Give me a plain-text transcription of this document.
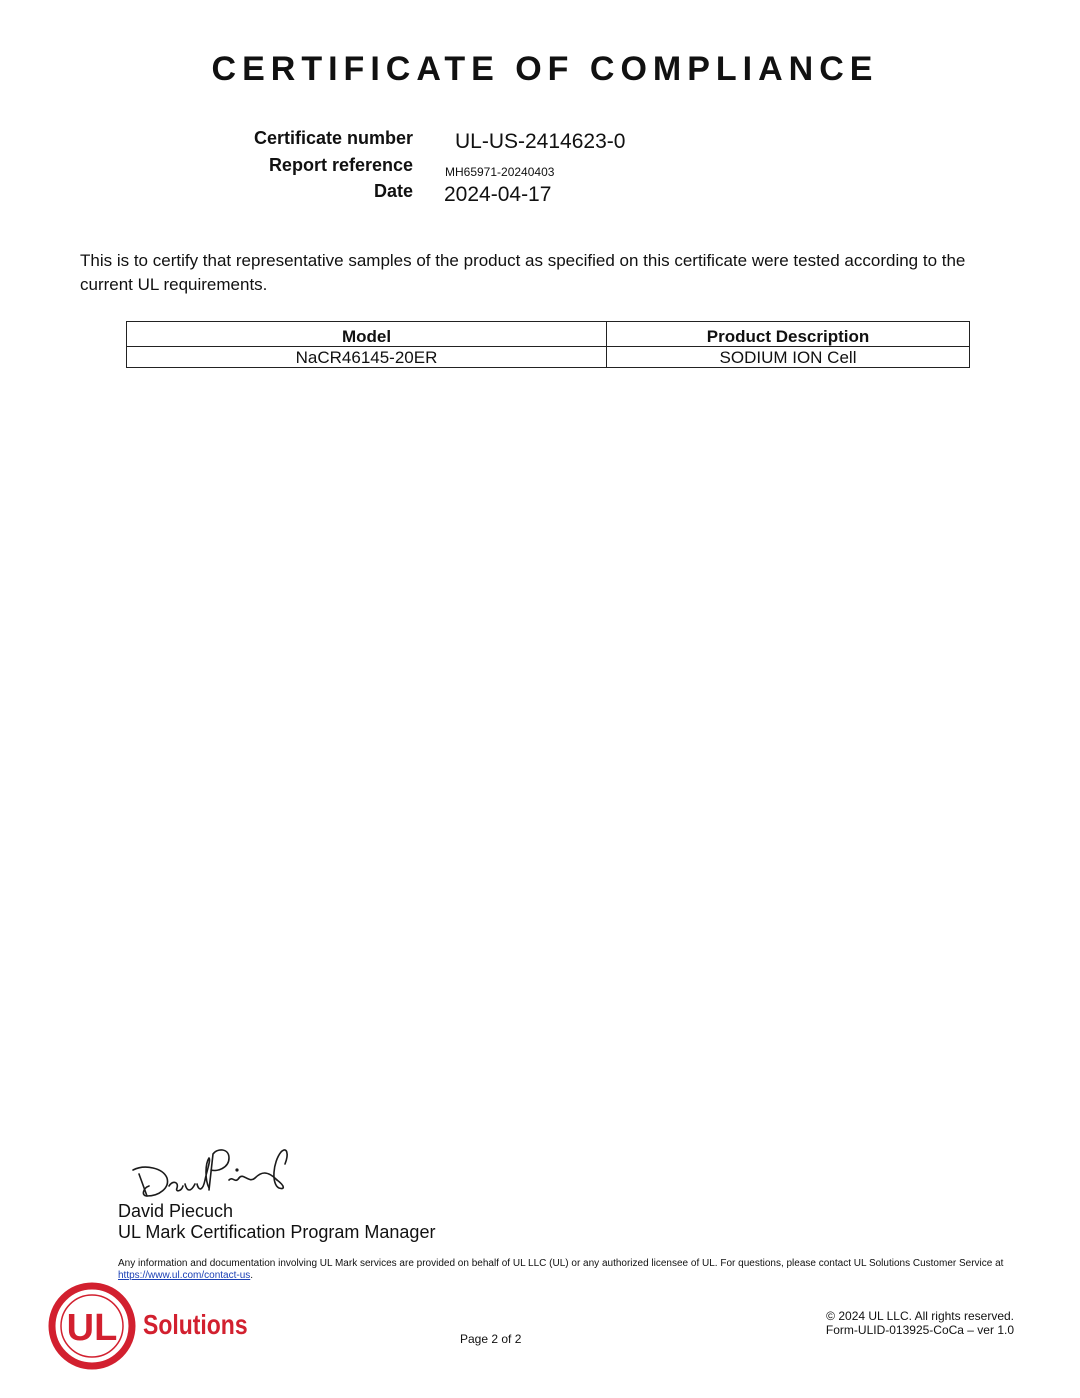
CERTIFICATE OF COMPLIANCE
Certificate number UL-US-2414623-0
Report reference	MH65971-20240403
Date 2024-04-17
This is to certify that representative samples of the product as specified on this certificate were tested according to the current UL requirements.
Model	Product Description
NaCR46145-20ER	SODIUM ION Cell
David Piecuch
UL Mark Certification Program Manager
Any information and documentation involving UL Mark services are provided on behalf of UL LLC (UL) or any authorized licensee of UL. For questions, please contact UL Solutions Customer Service at https://www.ul.com/contact-us.
UL Solutions	Page 2 of 2
© 2024 UL LLC. All rights reserved.
Form-ULID-013925-CoCa – ver 1.0
